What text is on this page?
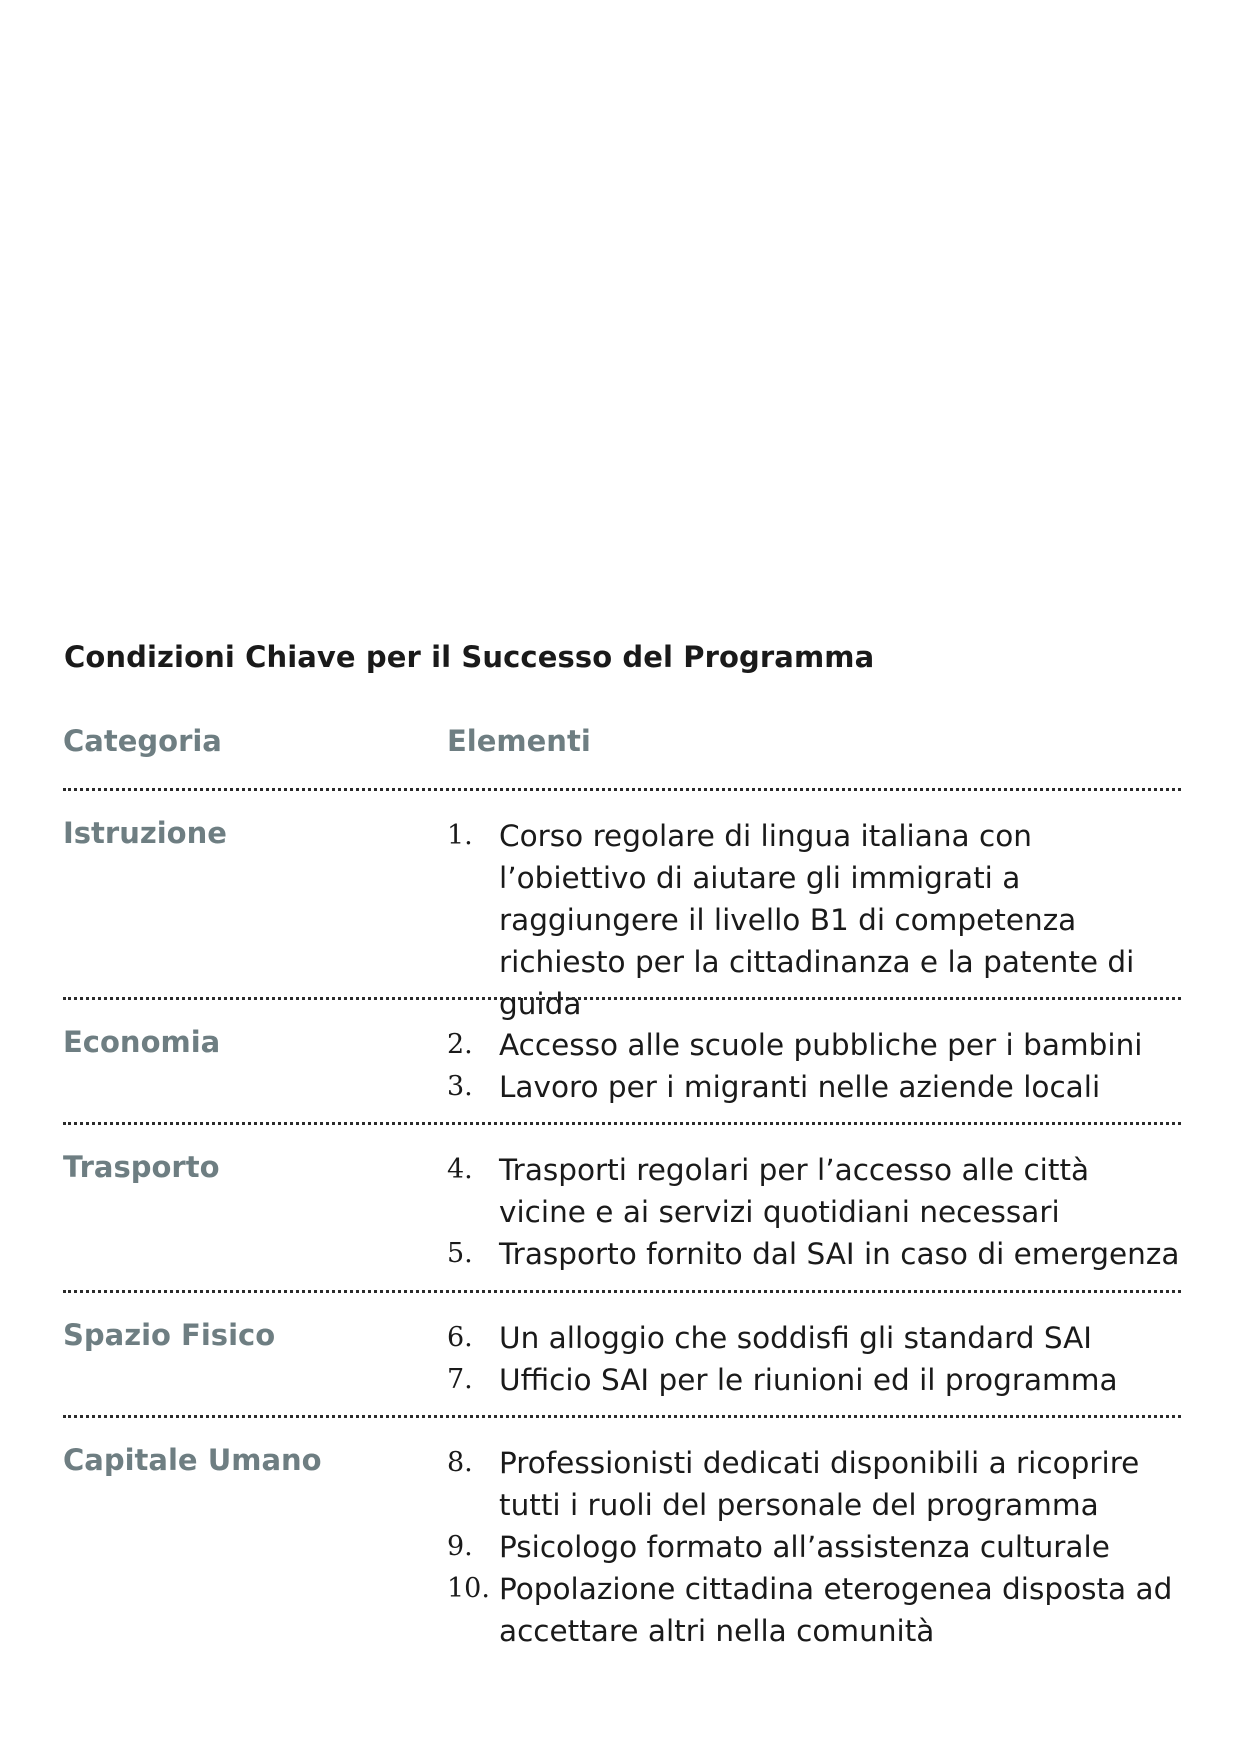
Condizioni Chiave per il Successo del Programma
Categoria	Elementi
Istruzione	1. Corso regolare di lingua italiana con l’obiettivo di aiutare gli immigrati a raggiungere il livello B1 di competenza richiesto per la cittadinanza e la patente di guida
Economia	2. Accesso alle scuole pubbliche per i bambini
3. Lavoro per i migranti nelle aziende locali
Trasporto	4. Trasporti regolari per l’accesso alle città vicine e ai servizi quotidiani necessari
5. Trasporto fornito dal SAI in caso di emergenza
Spazio Fisico	6. Un alloggio che soddisfi gli standard SAI
7. Ufficio SAI per le riunioni ed il programma
Capitale Umano	8. Professionisti dedicati disponibili a ricoprire tutti i ruoli del personale del programma
9. Psicologo formato all’assistenza culturale
10. Popolazione cittadina eterogenea disposta ad accettare altri nella comunità
